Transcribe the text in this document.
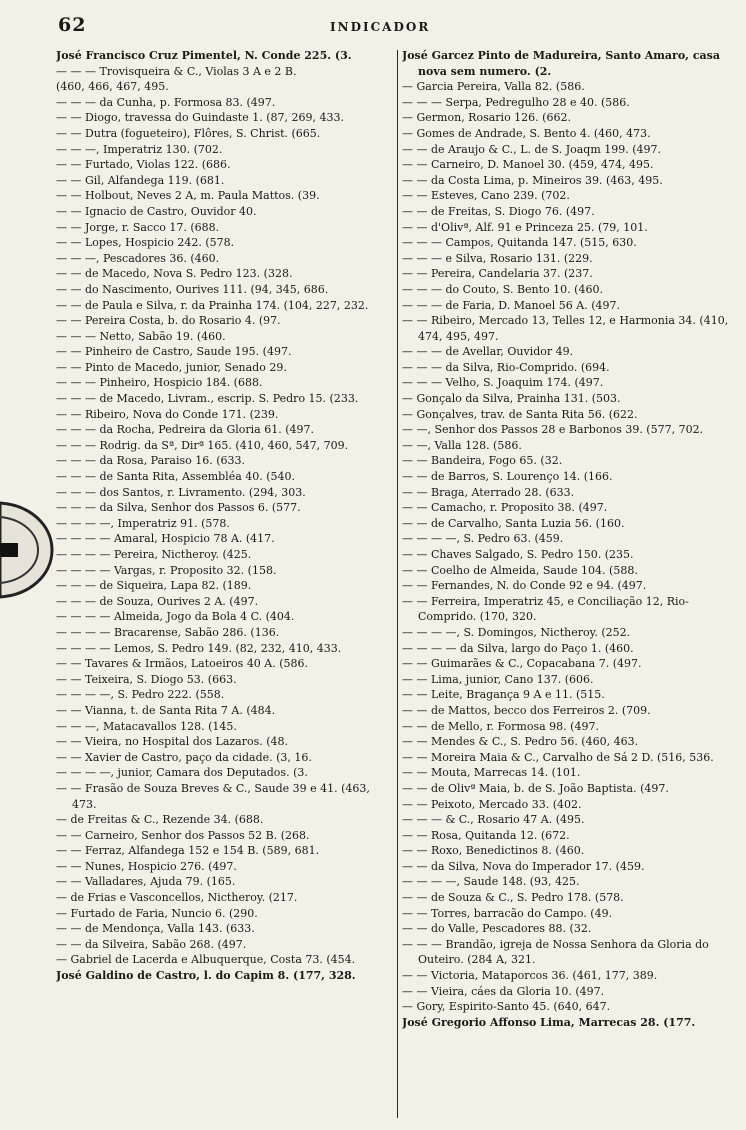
62	INDICADOR
José Francisco Cruz Pimentel, N. Conde 225. (3.
— — — Trovisqueira & C., Violas 3 A e 2 B.
(460, 466, 467, 495.
— — — da Cunha, p. Formosa 83. (497.
— — Diogo, travessa do Guindaste 1. (87, 269, 433.
— — Dutra (fogueteiro), Flôres, S. Christ. (665.
— — —, Imperatriz 130. (702.
— — Furtado, Violas 122. (686.
— — Gil, Alfandega 119. (681.
— — Holbout, Neves 2 A, m. Paula Mattos. (39.
— — Ignacio de Castro, Ouvidor 40.
— — Jorge, r. Sacco 17. (688.
— — Lopes, Hospicio 242. (578.
— — —, Pescadores 36. (460.
— — de Macedo, Nova S. Pedro 123. (328.
— — do Nascimento, Ourives 111. (94, 345, 686.
— — de Paula e Silva, r. da Prainha 174. (104, 227, 232.
— — Pereira Costa, b. do Rosario 4. (97.
— — — Netto, Sabão 19. (460.
— — Pinheiro de Castro, Saude 195. (497.
— — Pinto de Macedo, junior, Senado 29.
— — — Pinheiro, Hospicio 184. (688.
— — — de Macedo, Livram., escrip. S. Pedro 15. (233.
— — Ribeiro, Nova do Conde 171. (239.
— — — da Rocha, Pedreira da Gloria 61. (497.
— — — Rodrig. da Sª, Dirª 165. (410, 460, 547, 709.
— — — da Rosa, Paraiso 16. (633.
— — — de Santa Rita, Assembléa 40. (540.
— — — dos Santos, r. Livramento. (294, 303.
— — — da Silva, Senhor dos Passos 6. (577.
— — — —, Imperatriz 91. (578.
— — — — Amaral, Hospicio 78 A. (417.
— — — — Pereira, Nictheroy. (425.
— — — — Vargas, r. Proposito 32. (158.
— — — de Siqueira, Lapa 82. (189.
— — — de Souza, Ourives 2 A. (497.
— — — — Almeida, Jogo da Bola 4 C. (404.
— — — — Bracarense, Sabão 286. (136.
— — — — Lemos, S. Pedro 149. (82, 232, 410, 433.
— — Tavares & Irmãos, Latoeiros 40 A. (586.
— — Teixeira, S. Diogo 53. (663.
— — — —, S. Pedro 222. (558.
— — Vianna, t. de Santa Rita 7 A. (484.
— — —, Matacavallos 128. (145.
— — Vieira, no Hospital dos Lazaros. (48.
— — Xavier de Castro, paço da cidade. (3, 16.
— — — —, junior, Camara dos Deputados. (3.
— — Frasão de Souza Breves & C., Saude 39 e 41. (463, 473.
— de Freitas & C., Rezende 34. (688.
— — Carneiro, Senhor dos Passos 52 B. (268.
— — Ferraz, Alfandega 152 e 154 B. (589, 681.
— — Nunes, Hospicio 276. (497.
— — Valladares, Ajuda 79. (165.
— de Frias e Vasconcellos, Nictheroy. (217.
— Furtado de Faria, Nuncio 6. (290.
— — de Mendonça, Valla 143. (633.
— — da Silveira, Sabão 268. (497.
— Gabriel de Lacerda e Albuquerque, Costa 73. (454.
José Galdino de Castro, l. do Capim 8. (177, 328.
José Garcez Pinto de Madureira, Santo Amaro, casa nova sem numero. (2.
— Garcia Pereira, Valla 82. (586.
— — — Serpa, Pedregulho 28 e 40. (586.
— Germon, Rosario 126. (662.
— Gomes de Andrade, S. Bento 4. (460, 473.
— — de Araujo & C., L. de S. Joaqm 199. (497.
— — Carneiro, D. Manoel 30. (459, 474, 495.
— — da Costa Lima, p. Mineiros 39. (463, 495.
— — Esteves, Cano 239. (702.
— — de Freitas, S. Diogo 76. (497.
— — d'Olivª, Alf. 91 e Princeza 25. (79, 101.
— — — Campos, Quitanda 147. (515, 630.
— — — e Silva, Rosario 131. (229.
— — Pereira, Candelaria 37. (237.
— — — do Couto, S. Bento 10. (460.
— — — de Faria, D. Manoel 56 A. (497.
— — Ribeiro, Mercado 13, Telles 12, e Harmonia 34. (410, 474, 495, 497.
— — — de Avellar, Ouvidor 49.
— — — da Silva, Rio-Comprido. (694.
— — — Velho, S. Joaquim 174. (497.
— Gonçalo da Silva, Prainha 131. (503.
— Gonçalves, trav. de Santa Rita 56. (622.
— —, Senhor dos Passos 28 e Barbonos 39. (577, 702.
— —, Valla 128. (586.
— — Bandeira, Fogo 65. (32.
— — de Barros, S. Lourenço 14. (166.
— — Braga, Aterrado 28. (633.
— — Camacho, r. Proposito 38. (497.
— — de Carvalho, Santa Luzia 56. (160.
— — — —, S. Pedro 63. (459.
— — Chaves Salgado, S. Pedro 150. (235.
— — Coelho de Almeida, Saude 104. (588.
— — Fernandes, N. do Conde 92 e 94. (497.
— — Ferreira, Imperatriz 45, e Conciliação 12, Rio-Comprido. (170, 320.
— — — —, S. Domingos, Nictheroy. (252.
— — — — da Silva, largo do Paço 1. (460.
— — Guimarães & C., Copacabana 7. (497.
— — Lima, junior, Cano 137. (606.
— — Leite, Bragança 9 A e 11. (515.
— — de Mattos, becco dos Ferreiros 2. (709.
— — de Mello, r. Formosa 98. (497.
— — Mendes & C., S. Pedro 56. (460, 463.
— — Moreira Maia & C., Carvalho de Sá 2 D. (516, 536.
— — Mouta, Marrecas 14. (101.
— — de Olivª Maia, b. de S. João Baptista. (497.
— — Peixoto, Mercado 33. (402.
— — — & C., Rosario 47 A. (495.
— — Rosa, Quitanda 12. (672.
— — Roxo, Benedictinos 8. (460.
— — da Silva, Nova do Imperador 17. (459.
— — — —, Saude 148. (93, 425.
— — de Souza & C., S. Pedro 178. (578.
— — Torres, barracão do Campo. (49.
— — do Valle, Pescadores 88. (32.
— — — Brandão, igreja de Nossa Senhora da Gloria do Outeiro. (284 A, 321.
— — Victoria, Mataporcos 36. (461, 177, 389.
— — Vieira, cáes da Gloria 10. (497.
— Gory, Espirito-Santo 45. (640, 647.
José Gregorio Affonso Lima, Marrecas 28. (177.
